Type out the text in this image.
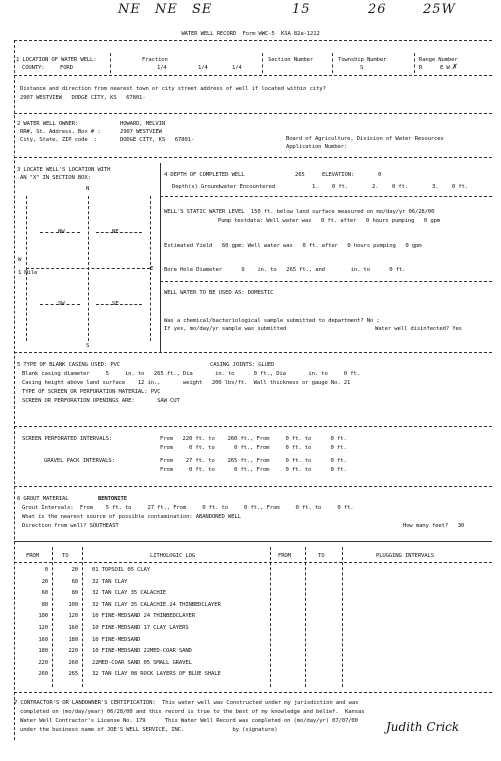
NE NE SE	15	26	25W
WATER WELL RECORD  Form WWC-5  KSA 82a-1212
1 LOCATION OF WATER WELL:
COUNTY:	FORD
Fraction
1/4	1/4	1/4
Section Number	Township Number
S
Range Number
R	E W ✗
Distance and direction from nearest town or city street address of well if located within city?
2907 WESTVIEW   DODGE CITY, KS   67801-
2 WATER WELL OWNER:	HOWARD, MELVIN
RR#, St. Address, Box # :	2907 WESTVIEW
Board of Agriculture, Division of Water Resources
City, State, ZIP code  :	DODGE CITY, KS   67801-
Application Number:
3 LOCATE WELL'S LOCATION WITH
AN "X" IN SECTION BOX:
N
NW	NE
SW	SE
W
E
S
1 Mile
4 DEPTH OF COMPLETED WELL	265	ELEVATION:	0
Depth(s) Groundwater Encountered	1. 0 ft.	2. 0 ft.	3. 0 ft.
WELL'S STATIC WATER LEVEL  150 ft. below land surface measured on mo/day/yr 06/28/00
Pump testdata: Well water was   0 ft. after   0 hours pumping   0 gpm
Estimated Yield   60 gpm: Well water was   0 ft. after   0 hours pumping   0 gpm
Bore Hole Diameter      9    in. to   265 ft., and        in. to      0 ft.
WELL WATER TO BE USED AS: DOMESTIC
Was a chemical/bacteriological sample submitted to department? No ;
If yes, mo/day/yr sample was submitted	Water well disinfected? Yes
5 TYPE OF BLANK CASING USED: PVC	CASING JOINTS: GLUED
Blank casing diameter     5     in. to   265 ft., Dia       in. to      0 ft., Dia       in. to     0 ft.
Casing height above land surface    12 in.,       weight   200 lbs/ft.  Wall thickness or gauge No. 21
TYPE OF SCREEN OR PERFORATION MATERIAL: PVC
SCREEN OR PERFORATION OPENINGS ARE:       SAW CUT
SCREEN PERFORATED INTERVALS:	From   220 ft. to    260 ft., From     0 ft. to      0 ft.
From     0 ft. to      0 ft., From     0 ft. to      0 ft.
GRAVEL PACK INTERVALS:	From    27 ft. to    265 ft., From     0 ft. to      0 ft.
From     0 ft. to      0 ft., From     0 ft. to      0 ft.
6 GROUT MATERIAL	BENTONITE
Grout Intervals:  From    5 ft. to     27 ft., From     0 ft. to     0 ft., From     0 ft. to     0 ft.
What is the nearest source of possible contamination: ABANDONED WELL
Direction from well? SOUTHEAST	How many feet?   30
FROM	TO	LITHOLOGIC LOG	FROM	TO	PLUGGING INTERVALS
0	20	01 TOPSOIL 05 CLAY
20	60	32 TAN CLAY
60	80	32 TAN CLAY 35 CALACHIE
80	100	32 TAN CLAY 35 CALACHIE 24 THINBEDCLAYER
100	120	10 FINE-MEDSAND 24 THINBEDCLAYER
120	160	10 FINE-MEDSAND 17 CLAY LAYERS
160	180	10 FINE-MEDSAND
180	220	10 FINE-MEDSAND 22MED-COAR SAND
220	260	22MED-COAR SAND 05 SMALL GRAVEL
260	265	32 TAN CLAY 08 ROCK LAYERS OF BLUE SHALE
7 CONTRACTOR'S OR LANDOWNER'S CERTIFICATION:  This water well was Constructed under my jurisdiction and was
completed on (mo/day/year) 06/28/00 and this record is true to the best of my knowledge and belief.  Kansas
Water Well Contractor's License No. 179      This Water Well Record was completed on (mo/day/yr) 07/07/00
under the business name of JOE'S WELL SERVICE, INC.               by (signature)	Judith Crick
